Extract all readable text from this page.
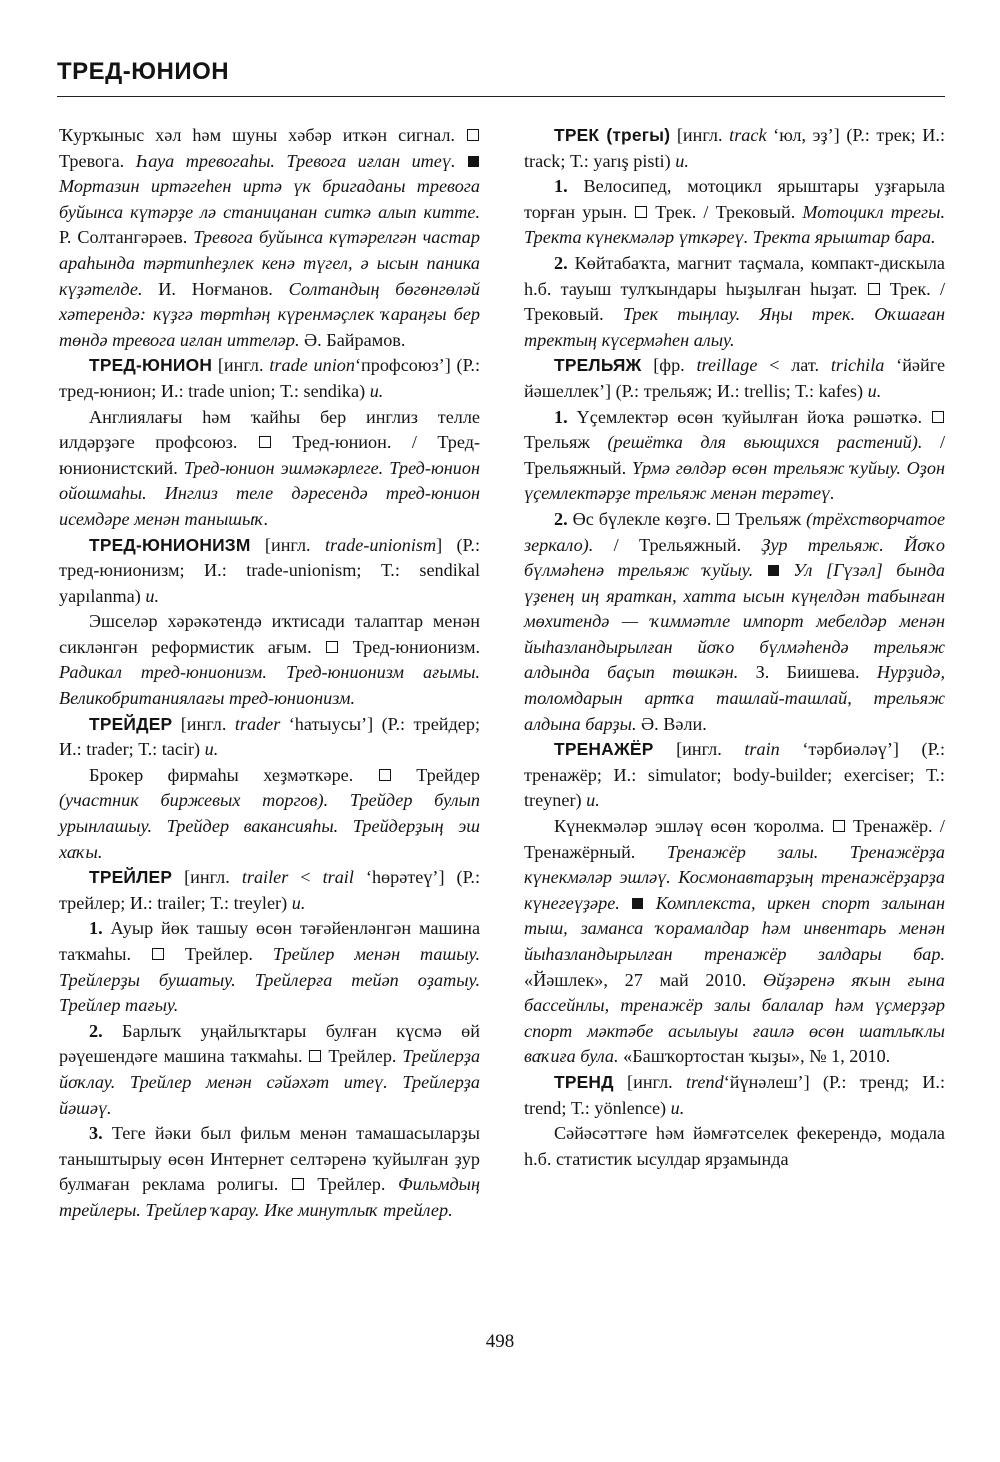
ТРЕД-ЮНИОН

Ҡурҡыныс хәл һәм шуны хәбәр иткән сигнал.  Тревога. Һауа тревогаһы. Тревога иғлан итеү.  Мортазин иртәгеһен иртә үк бригаданы тревога буйынса күтәрҙе лә станицанан ситкә алып китте. Р. Солтангәрәев. Тревога буйынса күтәрелгән частар араһында тәртипһеҙлек кенә түгел, ә ысын паника күҙәтелде. И. Ноғманов. Солтандың бөгөнгөләй хәтерендә: күҙгә төртһәң күренмәҫлек ҡараңғы бер төндә тревога иғлан иттеләр. Ә. Байрамов.

ТРЕД-ЮНИОН [ингл. trade union‘профсоюз’] (Р.: тред-юнион; И.: trade union; Т.: sendika) и.

Англиялағы һәм ҡайһы бер инглиз телле илдәрҙәге профсоюз.	Тред-юнион. / Тред-юнионистский. Тред-юнион эшмәкәрлеге. Тред-юнион ойошмаһы. Инглиз теле дәресендә тред-юнион исемдәре менән танышыҡ.

ТРЕД-ЮНИОНИЗМ [ингл. trade-unionism] (Р.: тред-юнионизм; И.: trade-unionism; Т.: sendikal yapılanma) и.

Эшселәр хәрәкәтендә иҡтисади талаптар менән сикләнгән реформистик ағым. Тред-юнионизм. Радикал тред-юнионизм. Тред-юнионизм ағымы. Великобританиялағы тред-юнионизм.

ТРЕЙДЕР [ингл. trader ‘һатыусы’] (Р.: трейдер; И.: trader; Т.: tacir) и.

Брокер фирмаһы хеҙмәткәре.	Трейдер (участник биржевых торгов). Трейдер булып урынлашыу. Трейдер вакансияһы. Трейдерҙың эш хаҡы.

ТРЕЙЛЕР [ингл. trailer < trail ‘һөрәтеү’] (Р.: трейлер; И.: trailer; Т.: treyler) и.

1. Ауыр йөк ташыу өсөн тәғәйенләнгән машина таҡмаһы.	Трейлер. Трейлер менән ташыу. Трейлерҙы бушатыу. Трейлерға тейәп оҙатыу. Трейлер тағыу.

2. Барлыҡ уңайлыҡтары булған күсмә өй рәүешендәге машина таҡмаһы. Трейлер. Трейлерҙа йоҡлау. Трейлер менән сәйәхәт итеү. Трейлерҙа йәшәү.

3. Теге йәки был фильм менән тамашасыларҙы таныштырыу өсөн Интернет селтәренә ҡуйылған ҙур булмаған реклама ролигы. Трейлер. Фильмдың трейлеры. Трейлер ҡарау. Ике минутлыҡ трейлер.

ТРЕК (трегы) [ингл. track ‘юл, эҙ’] (Р.: трек; И.: track; Т.: yarış pisti) и.

1. Велосипед, мотоцикл ярыштары уҙғарыла торған урын. Трек. / Трековый. Мотоцикл трегы. Тректа күнекмәләр үткәреү. Тректа ярыштар бара.

2. Көйтабаҡта, магнит таҫмала, компакт-дискыла һ.б. тауыш тулҡындары һыҙылған һыҙат. Трек. / Трековый. Трек тыңлау. Яңы трек. Оҡшаған тректың күсермәһен алыу.

ТРЕЛЬЯЖ [фр. treillage < лат. trichila ‘йәйге йәшеллек’] (Р.: трельяж; И.: trellis; Т.: kafes) и.

1. Үҫемлектәр өсөн ҡуйылған йоҡа рәшәткә.  Трельяж (решётка для вьющихся растений). / Трельяжный. Үрмә гөлдәр өсөн трельяж ҡуйыу. Оҙон үҫемлектәрҙе трельяж менән терәтеү.

2. Өс бүлекле көҙгө. Трельяж (трёхстворчатое зеркало). / Трельяжный. Ҙур трельяж. Йоҡо бүлмәһенә трельяж ҡуйыу. Ул [Гүзәл] бында үҙенең иң яраткан, хатта ысын күңелдән табынған мөхитендә — ҡиммәтле импорт мебелдәр менән йыһазландырылған йоҡо бүлмәһендә трельяж алдында баҫып төшкән. З. Биишева. Нурҙидә, толомдарын артҡа ташлай-ташлай, трельяж алдына барҙы. Ә. Вәли.

ТРЕНАЖЁР [ингл. train ‘тәрбиәләү’] (Р.: тренажёр; И.: simulator; body-builder; exerciser; Т.: treyner) и.

Күнекмәләр эшләү өсөн ҡоролма. Тренажёр. / Тренажёрный. Тренажёр залы. Тренажёрҙа күнекмәләр эшләү. Космонавтарҙың тренажёрҙарҙа күнегеүҙәре. Комплекста, иркен спорт залынан тыш, заманса ҡорамалдар һәм инвентарь менән йыһазландырылған тренажёр залдары бар. «Йәшлек», 27 май 2010. Өйҙәренә яҡын ғына бассейнлы, тренажёр залы балалар һәм үҫмерҙәр спорт мәктәбе асылыуы ғаилә өсөн шатлыҡлы ваҡиға була. «Башҡортостан ҡыҙы», № 1, 2010.

ТРЕНД [ингл. trend‘йүнәлеш’] (Р.: тренд; И.: trend; Т.: yönlence) и.

Сәйәсәттәге һәм йәмғәтселек фекерендә, модала һ.б. статистик ысулдар ярҙамында

498
